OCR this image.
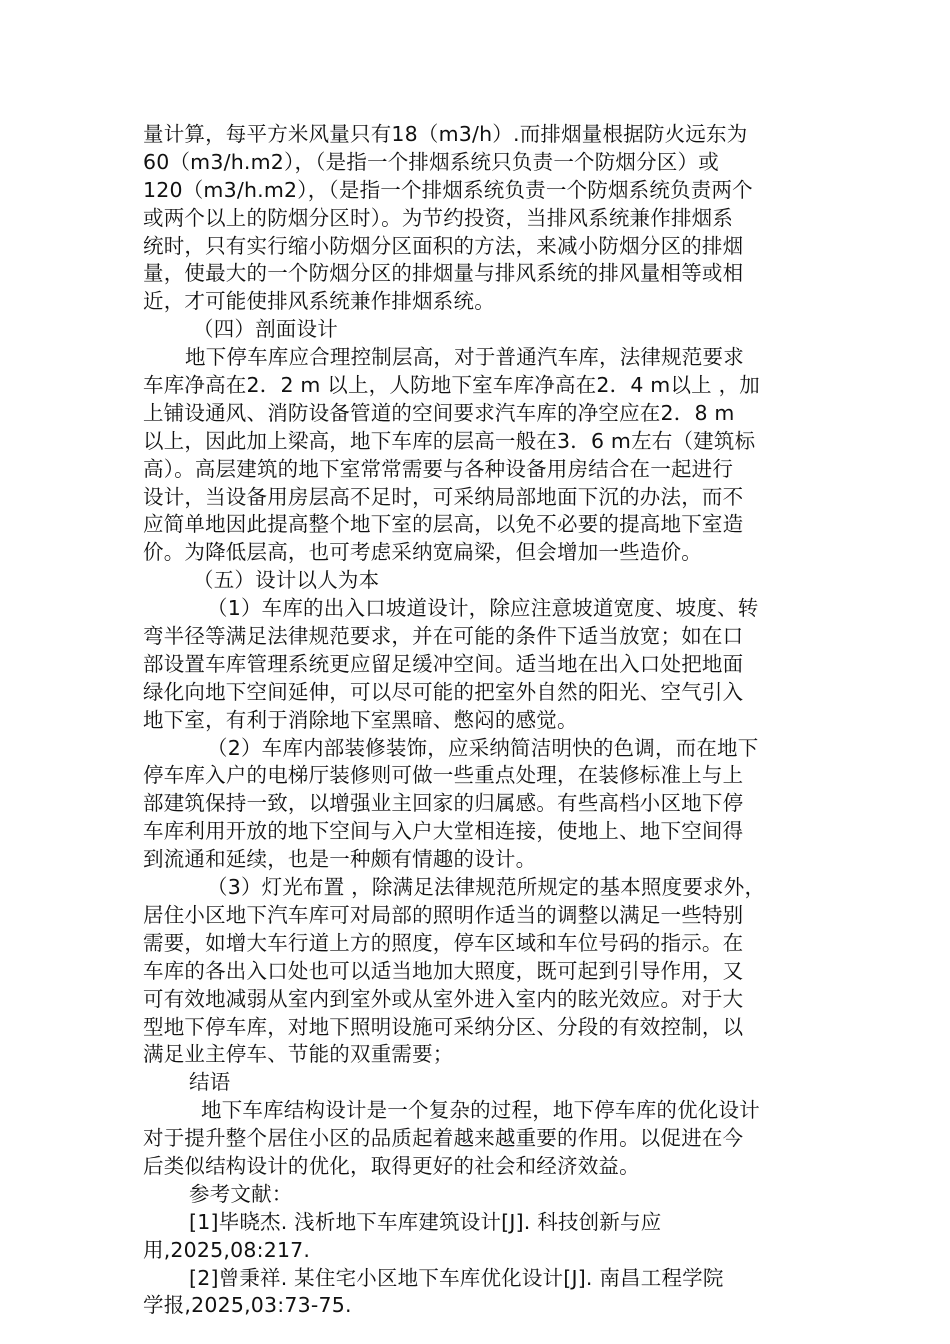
量计算，每平方米风量只有18（m3/h）.而排烟量根据防火远东为
60（m3/h.m2），（是指一个排烟系统只负责一个防烟分区）或
120（m3/h.m2），（是指一个排烟系统负责一个防烟系统负责两个
或两个以上的防烟分区时）。为节约投资，当排风系统兼作排烟系
统时，只有实行缩小防烟分区面积的方法，来减小防烟分区的排烟
量，使最大的一个防烟分区的排烟量与排风系统的排风量相等或相
近，才可能使排风系统兼作排烟系统。
（四）剖面设计
地下停车库应合理控制层高，对于普通汽车库，法律规范要求
车库净高在2．2 m 以上，人防地下室车库净高在2．4 m以上 ，加
上铺设通风、消防设备管道的空间要求汽车库的净空应在2．8 m
以上，因此加上梁高，地下车库的层高一般在3．6 m左右（建筑标
高）。高层建筑的地下室常常需要与各种设备用房结合在一起进行
设计，当设备用房层高不足时，可采纳局部地面下沉的办法，而不
应简单地因此提高整个地下室的层高，以免不必要的提高地下室造
价。为降低层高，也可考虑采纳宽扁梁，但会增加一些造价。
（五）设计以人为本
（1）车库的出入口坡道设计，除应注意坡道宽度、坡度、转
弯半径等满足法律规范要求，并在可能的条件下适当放宽；如在口
部设置车库管理系统更应留足缓冲空间。适当地在出入口处把地面
绿化向地下空间延伸，可以尽可能的把室外自然的阳光、空气引入
地下室，有利于消除地下室黑暗、憋闷的感觉。
（2）车库内部装修装饰，应采纳简洁明快的色调，而在地下
停车库入户的电梯厅装修则可做一些重点处理，在装修标准上与上
部建筑保持一致，以增强业主回家的归属感。有些高档小区地下停
车库利用开放的地下空间与入户大堂相连接，使地上、地下空间得
到流通和延续，也是一种颇有情趣的设计。
（3）灯光布置 ，除满足法律规范所规定的基本照度要求外，
居住小区地下汽车库可对局部的照明作适当的调整以满足一些特别
需要，如增大车行道上方的照度，停车区域和车位号码的指示。在
车库的各出入口处也可以适当地加大照度，既可起到引导作用，又
可有效地减弱从室内到室外或从室外进入室内的眩光效应。对于大
型地下停车库，对地下照明设施可采纳分区、分段的有效控制，以
满足业主停车、节能的双重需要；
结语
地下车库结构设计是一个复杂的过程，地下停车库的优化设计
对于提升整个居住小区的品质起着越来越重要的作用。以促进在今
后类似结构设计的优化，取得更好的社会和经济效益。
参考文献：
[1]毕晓杰. 浅析地下车库建筑设计[J]. 科技创新与应
用,2025,08:217.
[2]曾秉祥. 某住宅小区地下车库优化设计[J]. 南昌工程学院
学报,2025,03:73-75.
